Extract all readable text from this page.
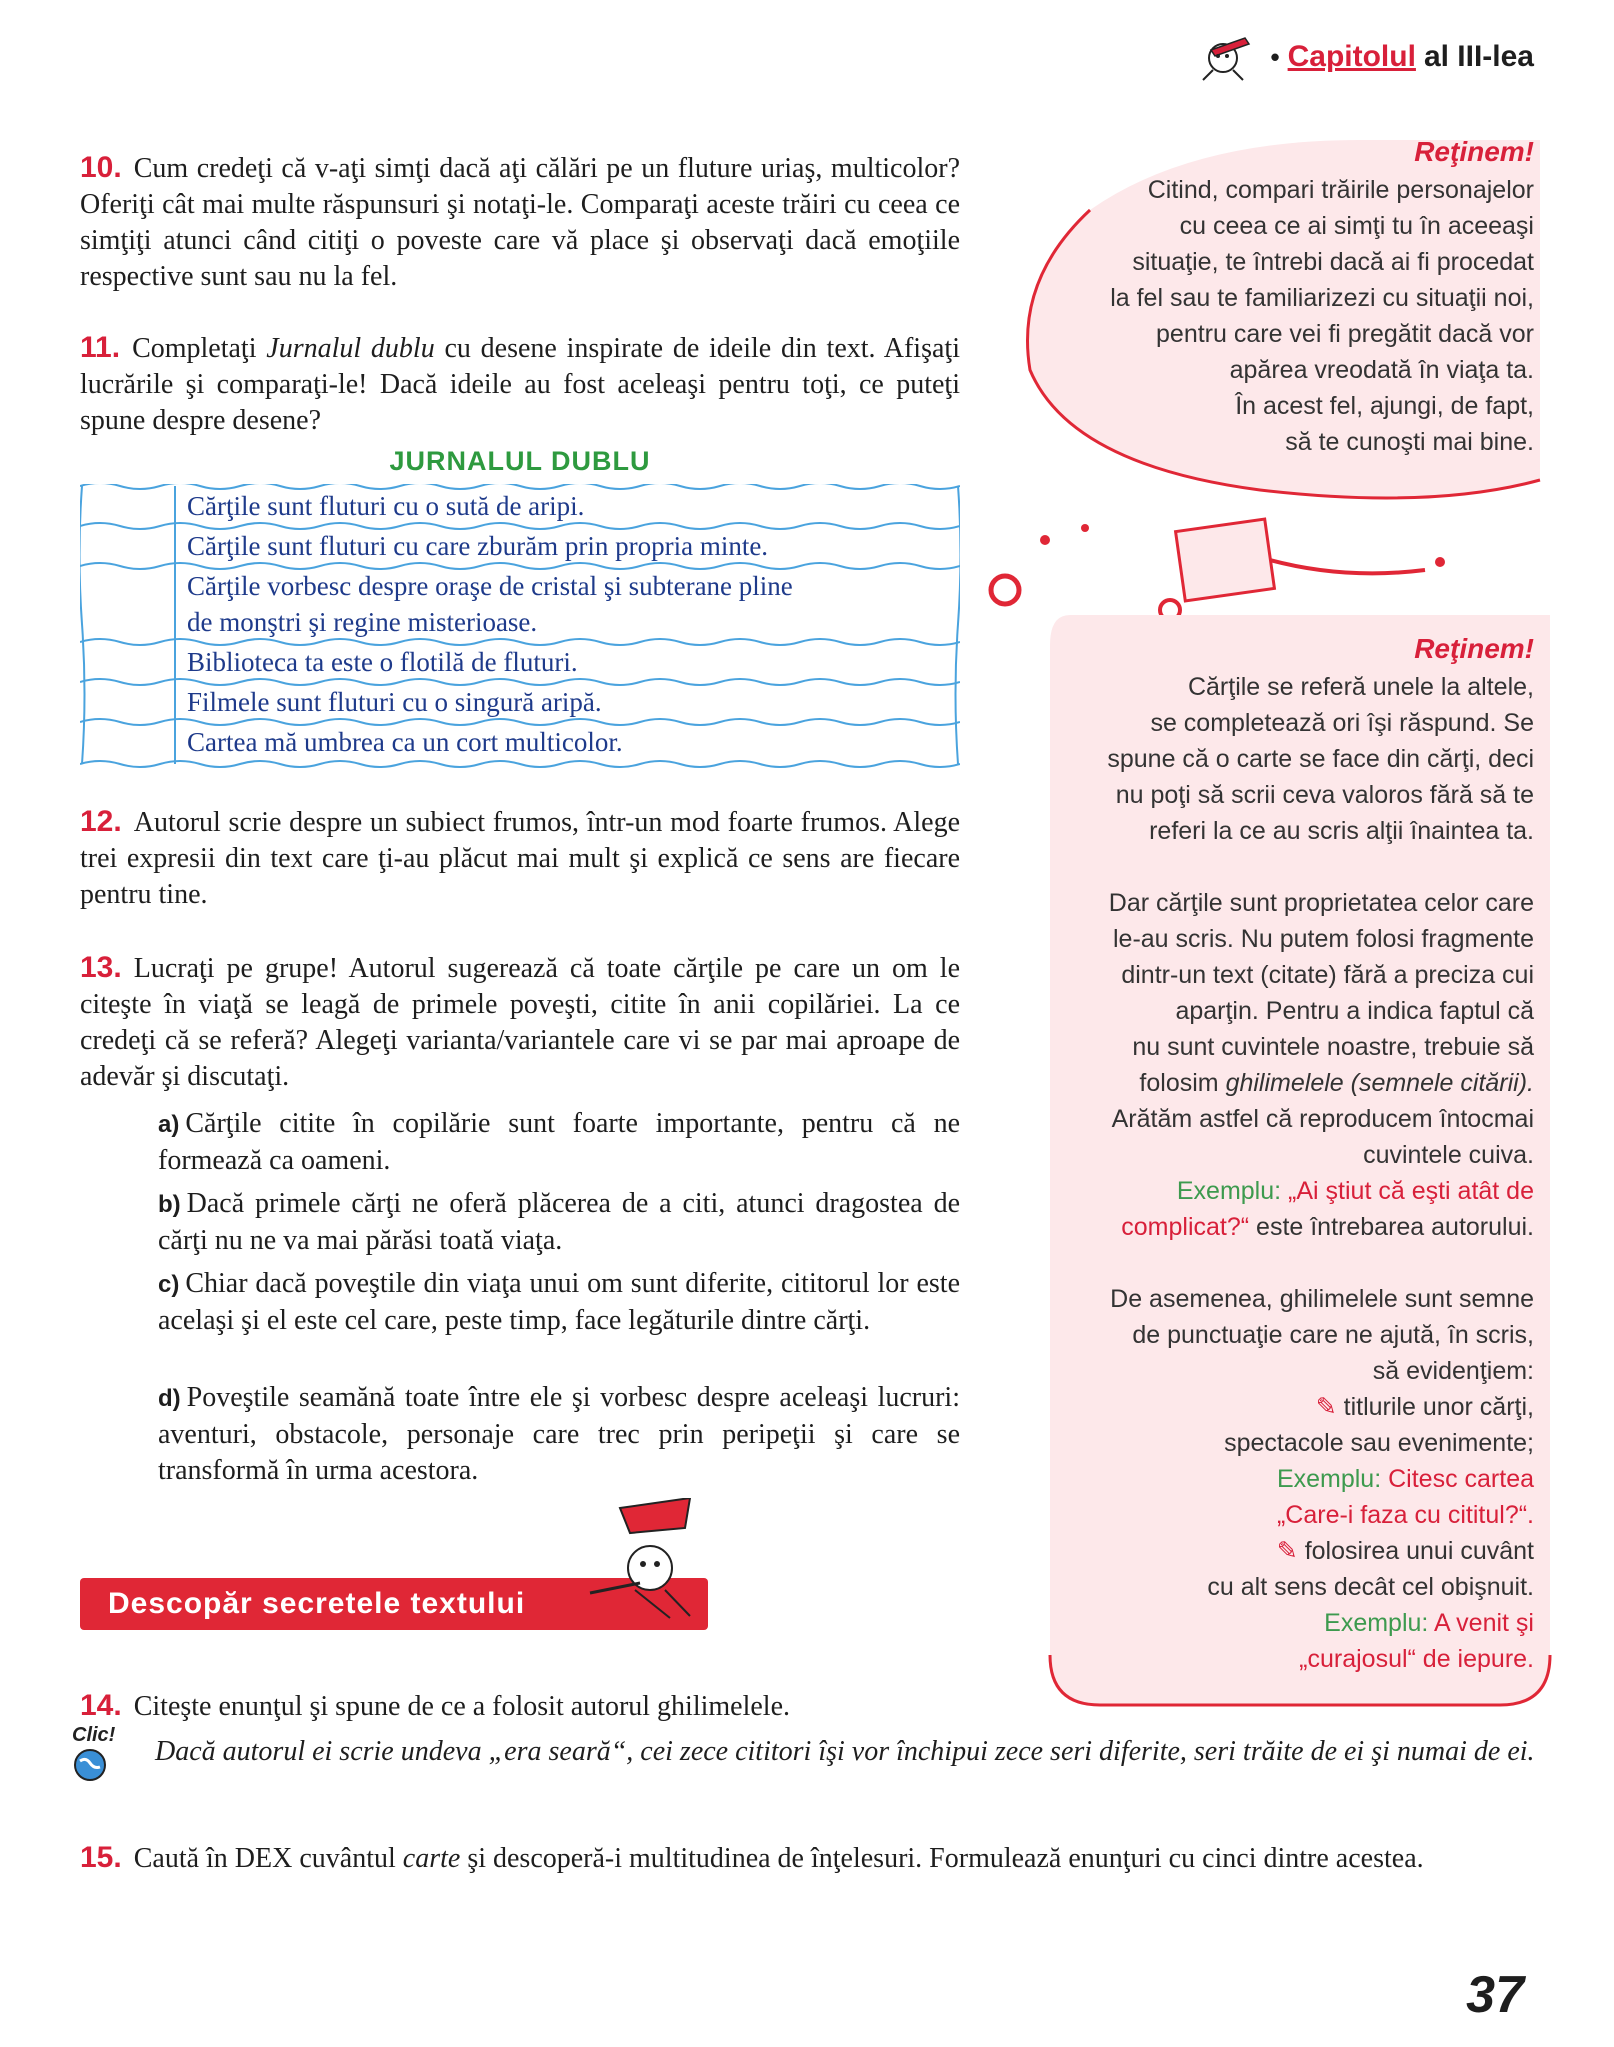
• Capitolul al III-lea
10. Cum credeţi că v-aţi simţi dacă aţi călări pe un fluture uriaş, multicolor? Oferiţi cât mai multe răspunsuri şi notaţi-le. Comparaţi aceste trăiri cu ceea ce simţiţi atunci când citiţi o poveste care vă place şi observaţi dacă emoţiile respective sunt sau nu la fel.
11. Completaţi Jurnalul dublu cu desene inspirate de ideile din text. Afişaţi lucrările şi comparaţi-le! Dacă ideile au fost aceleaşi pentru toţi, ce puteţi spune despre desene?
JURNALUL DUBLU
Cărţile sunt fluturi cu o sută de aripi.
Cărţile sunt fluturi cu care zburăm prin propria minte.
Cărţile vorbesc despre oraşe de cristal şi subterane pline
de monştri şi regine misterioase.
Biblioteca ta este o flotilă de fluturi.
Filmele sunt fluturi cu o singură aripă.
Cartea mă umbrea ca un cort multicolor.
12. Autorul scrie despre un subiect frumos, într-un mod foarte frumos. Alege trei expresii din text care ţi-au plăcut mai mult şi explică ce sens are fiecare pentru tine.
13. Lucraţi pe grupe! Autorul sugerează că toate cărţile pe care un om le citeşte în viaţă se leagă de primele poveşti, citite în anii copilăriei. La ce credeţi că se referă? Alegeţi varianta/variantele care vi se par mai aproape de adevăr şi discutaţi.
a) Cărţile citite în copilărie sunt foarte importante, pentru că ne formează ca oameni.
b) Dacă primele cărţi ne oferă plăcerea de a citi, atunci dragostea de cărţi nu ne va mai părăsi toată viaţa.
c) Chiar dacă poveştile din viaţa unui om sunt diferite, cititorul lor este acelaşi şi el este cel care, peste timp, face legăturile dintre cărţi.
d) Poveştile seamănă toate între ele şi vorbesc despre aceleaşi lucruri: aventuri, obstacole, personaje care trec prin peripeţii şi care se transformă în urma acestora.
Descopăr secretele textului
14. Citeşte enunţul şi spune de ce a folosit autorul ghilimelele.
Clic!
Dacă autorul ei scrie undeva „era seară“, cei zece cititori îşi vor închipui zece seri diferite, seri trăite de ei şi numai de ei.
15. Caută în DEX cuvântul carte şi descoperă-i multitudinea de înţelesuri. Formulează enunţuri cu cinci dintre acestea.
Reţinem!
Citind, compari trăirile personajelor
cu ceea ce ai simţi tu în aceeaşi
situaţie, te întrebi dacă ai fi procedat
la fel sau te familiarizezi cu situaţii noi,
pentru care vei fi pregătit dacă vor
apărea vreodată în viaţa ta.
În acest fel, ajungi, de fapt,
să te cunoşti mai bine.
Reţinem!
Cărţile se referă unele la altele,
se completează ori îşi răspund. Se
spune că o carte se face din cărţi, deci
nu poţi să scrii ceva valoros fără să te
referi la ce au scris alţii înaintea ta.
Dar cărţile sunt proprietatea celor care
le-au scris. Nu putem folosi fragmente
dintr-un text (citate) fără a preciza cui
aparţin. Pentru a indica faptul că
nu sunt cuvintele noastre, trebuie să
folosim ghilimelele (semnele citării).
Arătăm astfel că reproducem întocmai
cuvintele cuiva.
Exemplu: „Ai ştiut că eşti atât de
complicat?“ este întrebarea autorului.
De asemenea, ghilimelele sunt semne
de punctuaţie care ne ajută, în scris,
să evidenţiem:
✎ titlurile unor cărţi,
spectacole sau evenimente;
Exemplu: Citesc cartea
„Care-i faza cu cititul?“.
✎ folosirea unui cuvânt
cu alt sens decât cel obişnuit.
Exemplu: A venit şi
„curajosul“ de iepure.
37
